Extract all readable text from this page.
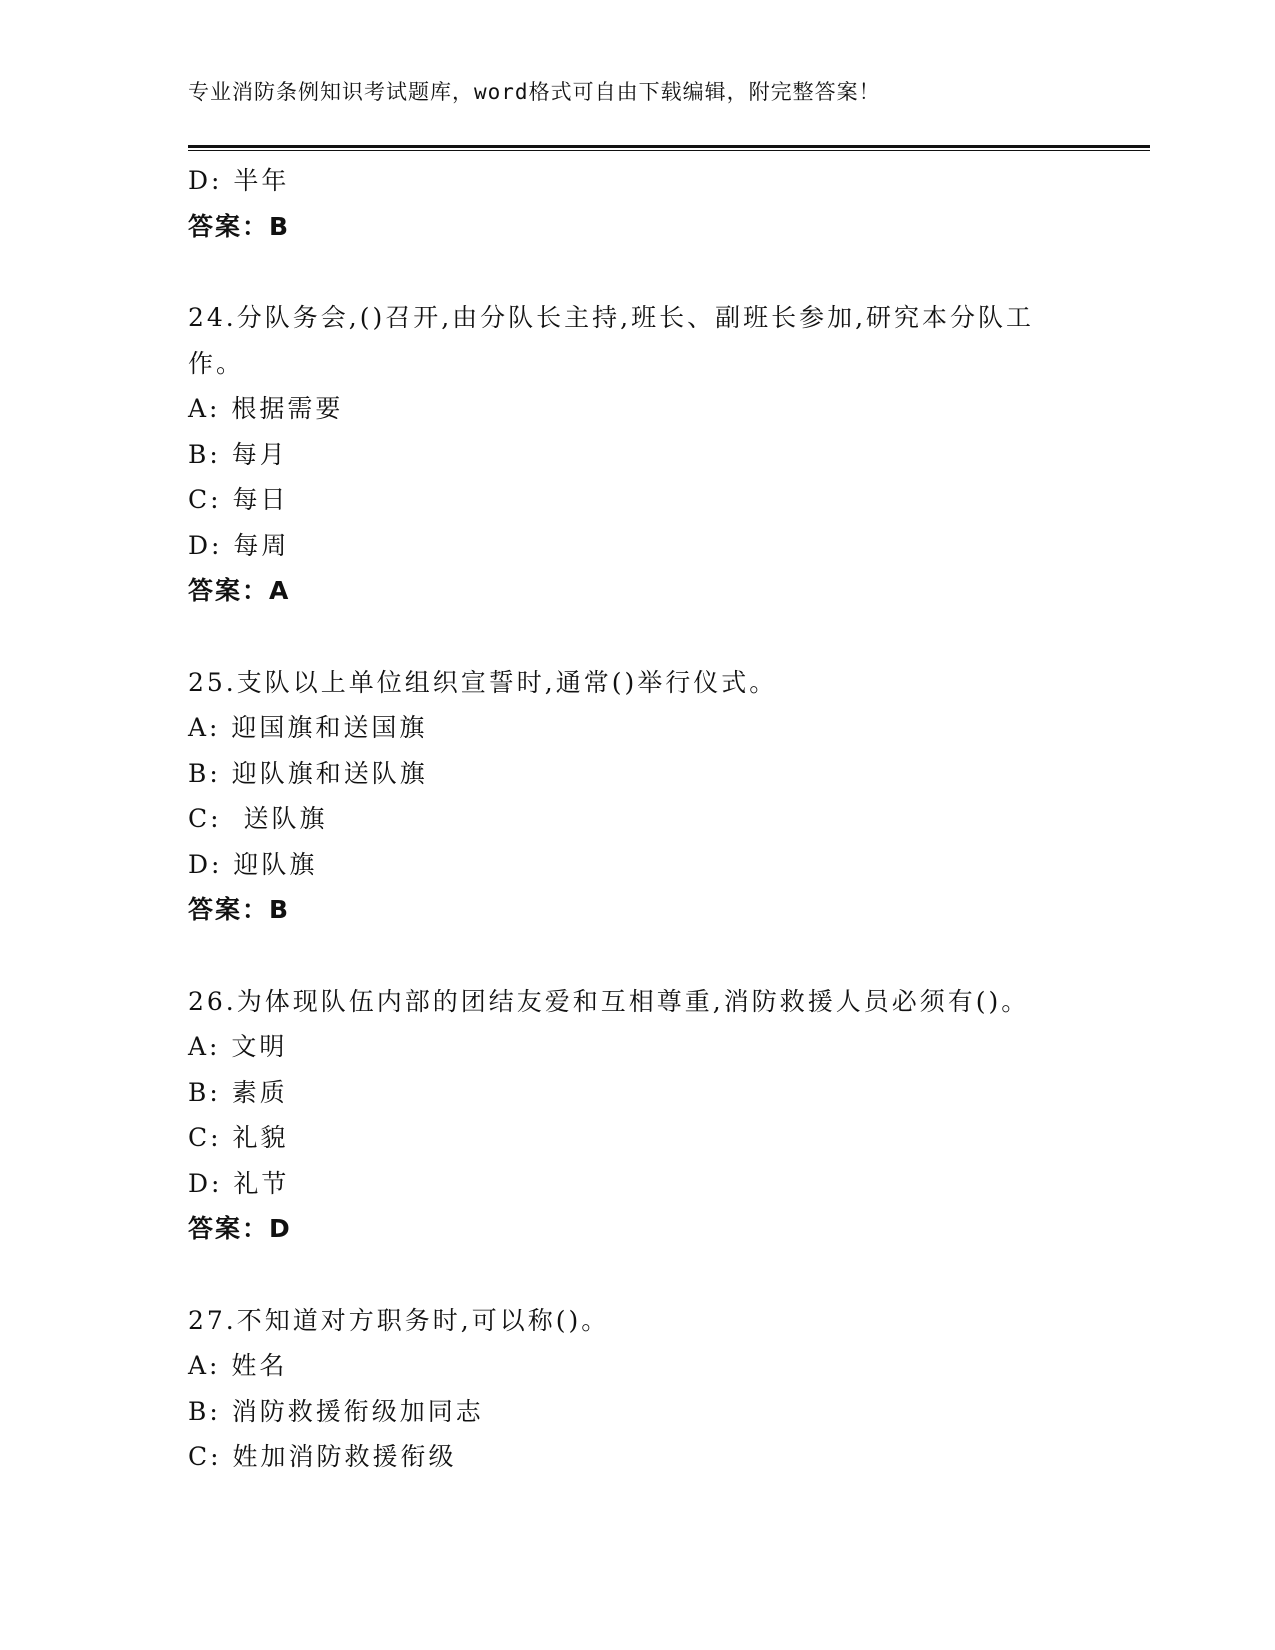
专业消防条例知识考试题库，word格式可自由下载编辑，附完整答案！
D: 半年
答案：B
24.分队务会,()召开,由分队长主持,班长、副班长参加,研究本分队工作。
A: 根据需要
B: 每月
C: 每日
D: 每周
答案：A
25.支队以上单位组织宣誓时,通常()举行仪式。
A: 迎国旗和送国旗
B: 迎队旗和送队旗
C:  送队旗
D: 迎队旗
答案：B
26.为体现队伍内部的团结友爱和互相尊重,消防救援人员必须有()。
A: 文明
B: 素质
C: 礼貌
D: 礼节
答案：D
27.不知道对方职务时,可以称()。
A: 姓名
B: 消防救援衔级加同志
C: 姓加消防救援衔级
